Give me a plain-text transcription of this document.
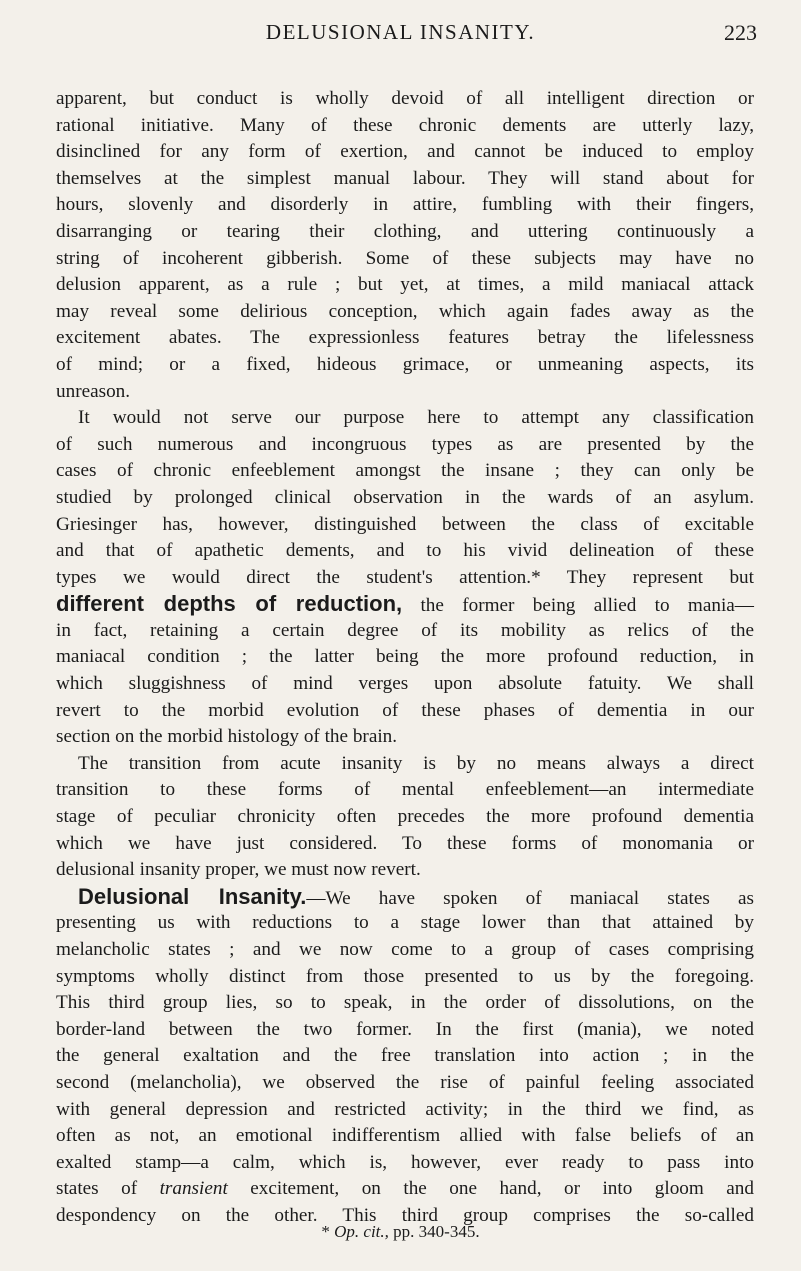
DELUSIONAL INSANITY.	223
apparent, but conduct is wholly devoid of all intelligent direction or
rational initiative. Many of these chronic dements are utterly lazy,
disinclined for any form of exertion, and cannot be induced to employ
themselves at the simplest manual labour. They will stand about for
hours, slovenly and disorderly in attire, fumbling with their fingers,
disarranging or tearing their clothing, and uttering continuously a
string of incoherent gibberish. Some of these subjects may have no
delusion apparent, as a rule ; but yet, at times, a mild maniacal attack
may reveal some delirious conception, which again fades away as the
excitement abates. The expressionless features betray the lifelessness
of mind; or a fixed, hideous grimace, or unmeaning aspects, its
unreason.
It would not serve our purpose here to attempt any classification
of such numerous and incongruous types as are presented by the
cases of chronic enfeeblement amongst the insane ; they can only be
studied by prolonged clinical observation in the wards of an asylum.
Griesinger has, however, distinguished between the class of excitable
and that of apathetic dements, and to his vivid delineation of these
types we would direct the student's attention.* They represent but
different depths of reduction, the former being allied to mania—
in fact, retaining a certain degree of its mobility as relics of the
maniacal condition ; the latter being the more profound reduction, in
which sluggishness of mind verges upon absolute fatuity. We shall
revert to the morbid evolution of these phases of dementia in our
section on the morbid histology of the brain.
The transition from acute insanity is by no means always a direct
transition to these forms of mental enfeeblement—an intermediate
stage of peculiar chronicity often precedes the more profound dementia
which we have just considered. To these forms of monomania or
delusional insanity proper, we must now revert.
Delusional Insanity.—We have spoken of maniacal states as
presenting us with reductions to a stage lower than that attained by
melancholic states ; and we now come to a group of cases comprising
symptoms wholly distinct from those presented to us by the foregoing.
This third group lies, so to speak, in the order of dissolutions, on the
border-land between the two former. In the first (mania), we noted
the general exaltation and the free translation into action ; in the
second (melancholia), we observed the rise of painful feeling associated
with general depression and restricted activity; in the third we find, as
often as not, an emotional indifferentism allied with false beliefs of an
exalted stamp—a calm, which is, however, ever ready to pass into
states of transient excitement, on the one hand, or into gloom and
despondency on the other. This third group comprises the so-called
* Op. cit., pp. 340-345.
